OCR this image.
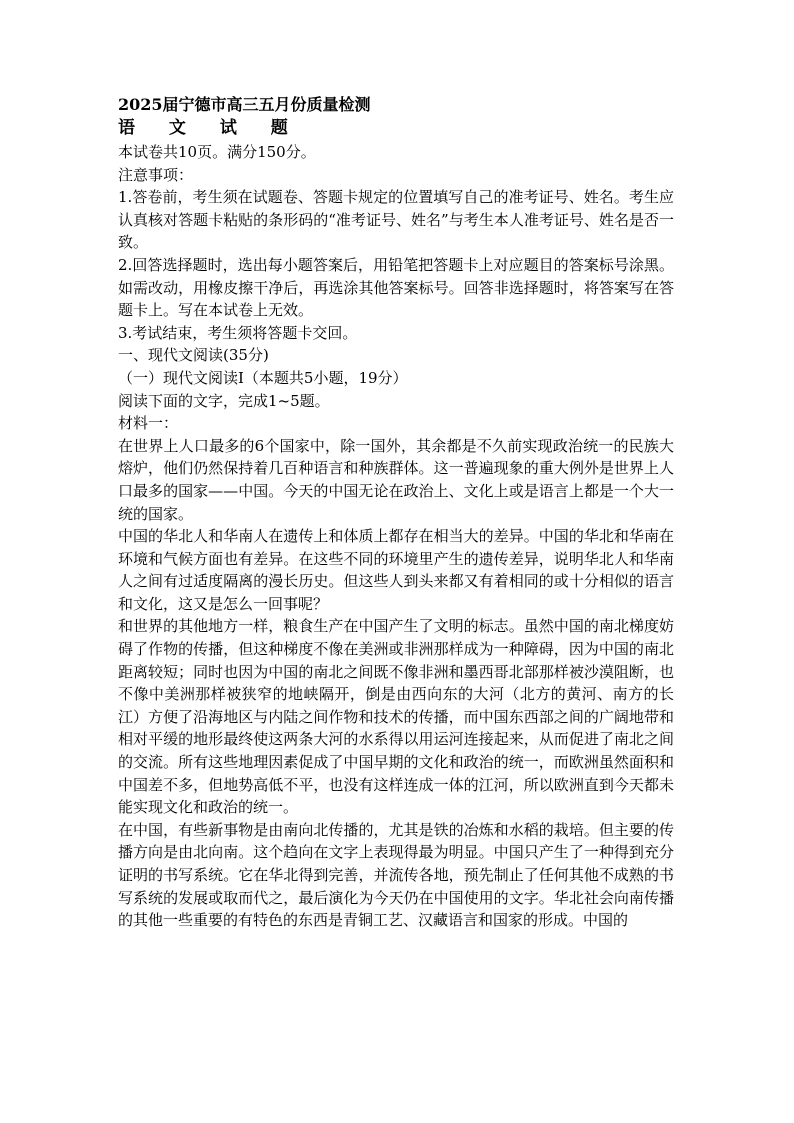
2025届宁德市高三五月份质量检测
语 文 试 题
本试卷共10页。满分150分。
注意事项：
1.答卷前，考生须在试题卷、答题卡规定的位置填写自己的准考证号、姓名。考生应认真核对答题卡粘贴的条形码的“准考证号、姓名”与考生本人准考证号、姓名是否一致。
2.回答选择题时，选出每小题答案后，用铅笔把答题卡上对应题目的答案标号涂黑。如需改动，用橡皮擦干净后，再选涂其他答案标号。回答非选择题时，将答案写在答题卡上。写在本试卷上无效。
3.考试结束，考生须将答题卡交回。
一、现代文阅读(35分)
（一）现代文阅读Ⅰ（本题共5小题，19分）
阅读下面的文字，完成1~5题。
材料一：
在世界上人口最多的6个国家中，除一国外，其余都是不久前实现政治统一的民族大熔炉，他们仍然保持着几百种语言和种族群体。这一普遍现象的重大例外是世界上人口最多的国家——中国。今天的中国无论在政治上、文化上或是语言上都是一个大一统的国家。
中国的华北人和华南人在遗传上和体质上都存在相当大的差异。中国的华北和华南在环境和气候方面也有差异。在这些不同的环境里产生的遗传差异，说明华北人和华南人之间有过适度隔离的漫长历史。但这些人到头来都又有着相同的或十分相似的语言和文化，这又是怎么一回事呢？
和世界的其他地方一样，粮食生产在中国产生了文明的标志。虽然中国的南北梯度妨碍了作物的传播，但这种梯度不像在美洲或非洲那样成为一种障碍，因为中国的南北距离较短；同时也因为中国的南北之间既不像非洲和墨西哥北部那样被沙漠阻断，也不像中美洲那样被狭窄的地峡隔开，倒是由西向东的大河（北方的黄河、南方的长江）方便了沿海地区与内陆之间作物和技术的传播，而中国东西部之间的广阔地带和相对平缓的地形最终使这两条大河的水系得以用运河连接起来，从而促进了南北之间的交流。所有这些地理因素促成了中国早期的文化和政治的统一，而欧洲虽然面积和中国差不多，但地势高低不平，也没有这样连成一体的江河，所以欧洲直到今天都未能实现文化和政治的统一。
在中国，有些新事物是由南向北传播的，尤其是铁的冶炼和水稻的栽培。但主要的传播方向是由北向南。这个趋向在文字上表现得最为明显。中国只产生了一种得到充分证明的书写系统。它在华北得到完善，并流传各地，预先制止了任何其他不成熟的书写系统的发展或取而代之，最后演化为今天仍在中国使用的文字。华北社会向南传播的其他一些重要的有特色的东西是青铜工艺、汉藏语言和国家的形成。中国的
